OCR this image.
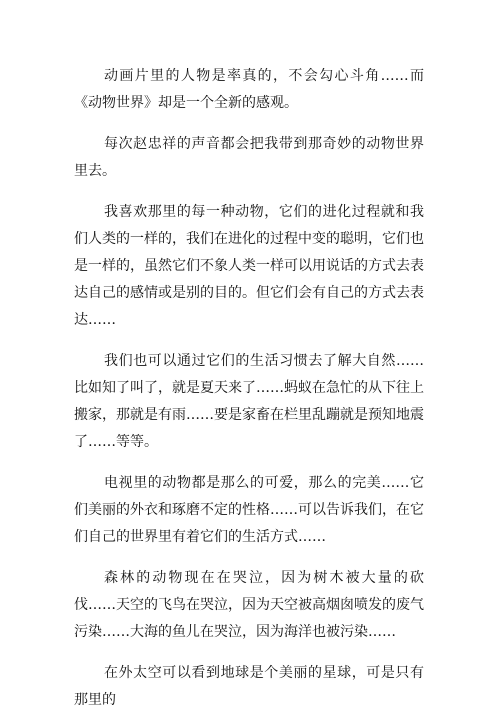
动画片里的人物是率真的，不会勾心斗角……而《动物世界》却是一个全新的感观。

每次赵忠祥的声音都会把我带到那奇妙的动物世界里去。

我喜欢那里的每一种动物，它们的进化过程就和我们人类的一样的，我们在进化的过程中变的聪明，它们也是一样的，虽然它们不象人类一样可以用说话的方式去表达自己的感情或是别的目的。但它们会有自己的方式去表达……

我们也可以通过它们的生活习惯去了解大自然……比如知了叫了，就是夏天来了……蚂蚁在急忙的从下往上搬家，那就是有雨……要是家畜在栏里乱蹦就是预知地震了……等等。

电视里的动物都是那么的可爱，那么的完美……它们美丽的外衣和琢磨不定的性格……可以告诉我们，在它们自己的世界里有着它们的生活方式……

森林的动物现在在哭泣，因为树木被大量的砍伐……天空的飞鸟在哭泣，因为天空被高烟囱喷发的废气污染……大海的鱼儿在哭泣，因为海洋也被污染……

在外太空可以看到地球是个美丽的星球，可是只有那里的
